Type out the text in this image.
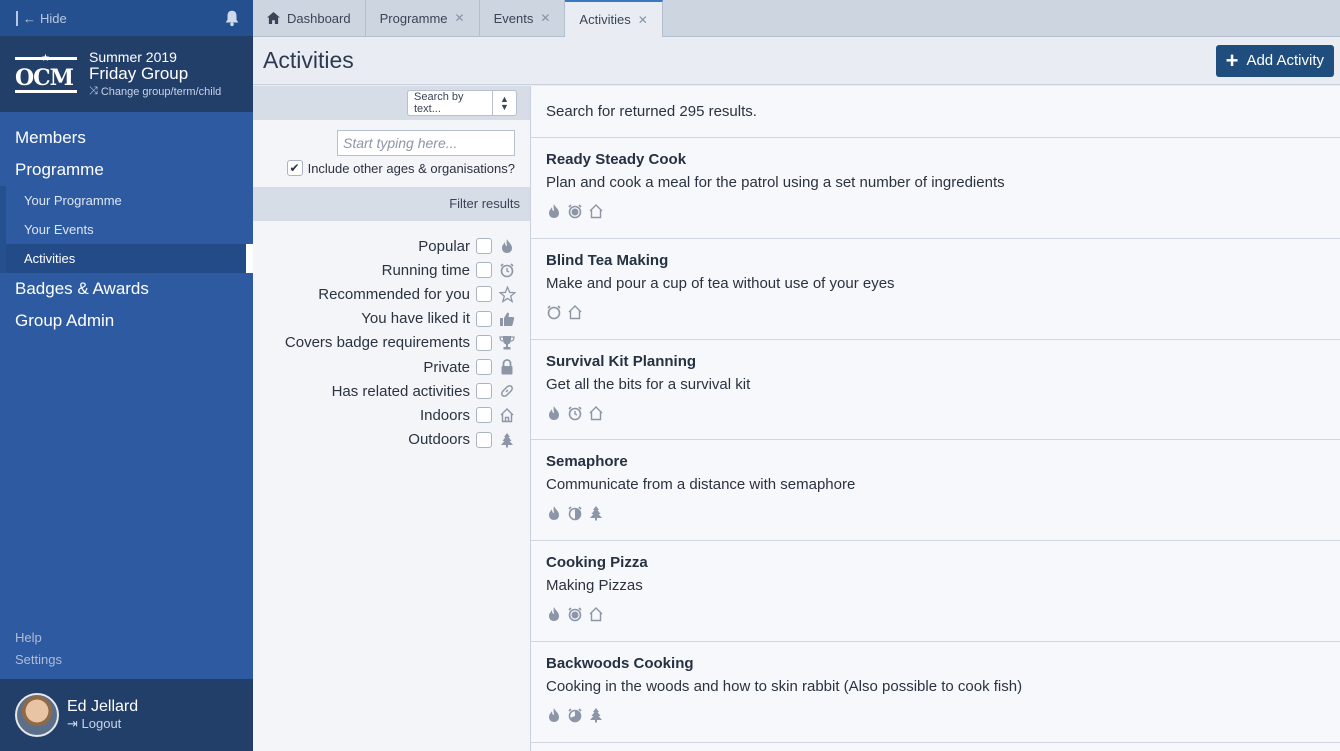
← Hide
★
OCM
Summer 2019
Friday Group
⤨ Change group/term/child
Members
Programme
Your Programme
Your Events
Activities
Badges & Awards
Group Admin
Help
Settings
Ed Jellard
⇥ Logout
Dashboard Programme ✕ Events ✕ Activities ✕
Activities	+ Add Activity
Search by text...
▲
▼
Start typing here...
✔ Include other ages & organisations?
Filter results
Popular
Running time
Recommended for you
You have liked it
Covers badge requirements
Private
Has related activities
Indoors
Outdoors
Search for returned 295 results.
Ready Steady Cook
Plan and cook a meal for the patrol using a set number of ingredients
Blind Tea Making
Make and pour a cup of tea without use of your eyes
Survival Kit Planning
Get all the bits for a survival kit
Semaphore
Communicate from a distance with semaphore
Cooking Pizza
Making Pizzas
Backwoods Cooking
Cooking in the woods and how to skin rabbit (Also possible to cook fish)
